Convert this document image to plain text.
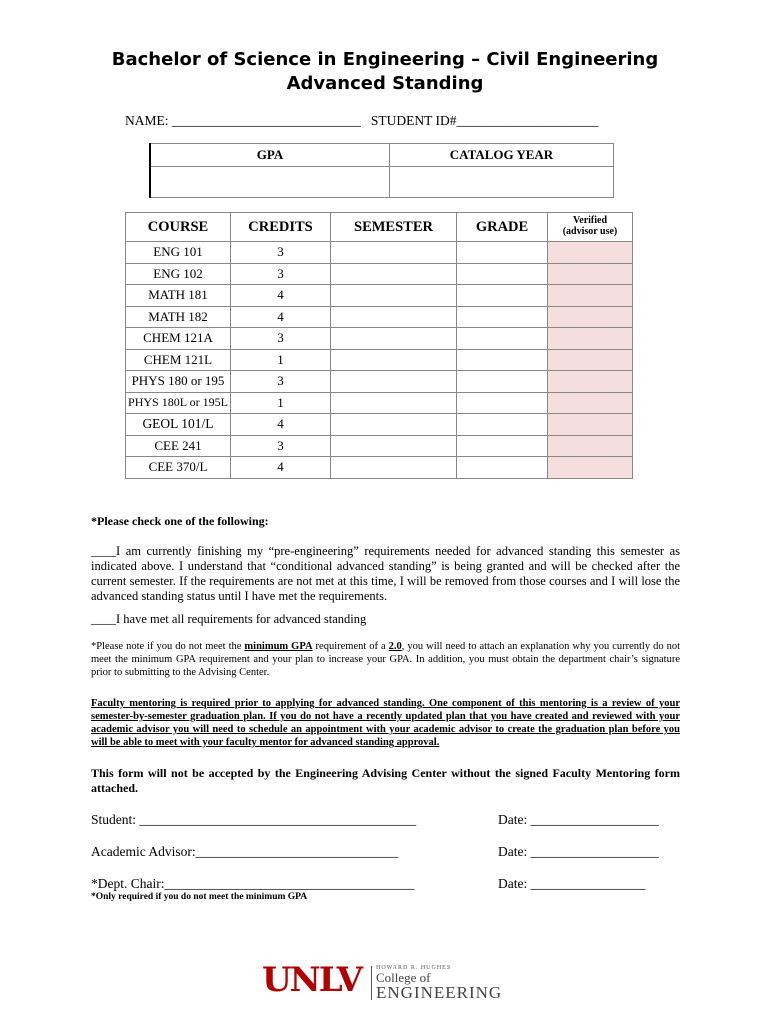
Bachelor of Science in Engineering – Civil Engineering
Advanced Standing
NAME: ____________________________ STUDENT ID#_____________________
GPA	CATALOG YEAR

COURSE	CREDITS	SEMESTER	GRADE	Verified
(advisor use)

ENG 101	3			
ENG 102	3			
MATH 181	4			
MATH 182	4			
CHEM 121A	3			
CHEM 121L	1			
PHYS 180 or 195	3			
PHYS 180L or 195L	1			
GEOL 101/L	4			
CEE 241	3			
CEE 370/L	4			
*Please check one of the following:
____I am currently finishing my “pre-engineering” requirements needed for advanced standing this semester as indicated above. I understand that “conditional advanced standing” is being granted and will be checked after the current semester. If the requirements are not met at this time, I will be removed from those courses and I will lose the advanced standing status until I have met the requirements.
____I have met all requirements for advanced standing
*Please note if you do not meet the minimum GPA requirement of a 2.0, you will need to attach an explanation why you currently do not meet the minimum GPA requirement and your plan to increase your GPA. In addition, you must obtain the department chair’s signature prior to submitting to the Advising Center.
Faculty mentoring is required prior to applying for advanced standing. One component of this mentoring is a review of your semester-by-semester graduation plan. If you do not have a recently updated plan that you have created and reviewed with your academic advisor you will need to schedule an appointment with your academic advisor to create the graduation plan before you will be able to meet with your faculty mentor for advanced standing approval.
This form will not be accepted by the Engineering Advising Center without the signed Faculty Mentoring form attached.
Student: _________________________________________	Date: ___________________
Academic Advisor:______________________________	Date: ___________________
*Dept. Chair:_____________________________________	Date: _________________
*Only required if you do not meet the minimum GPA
UNLV	HOWARD R. HUGHES
College of
ENGINEERING
